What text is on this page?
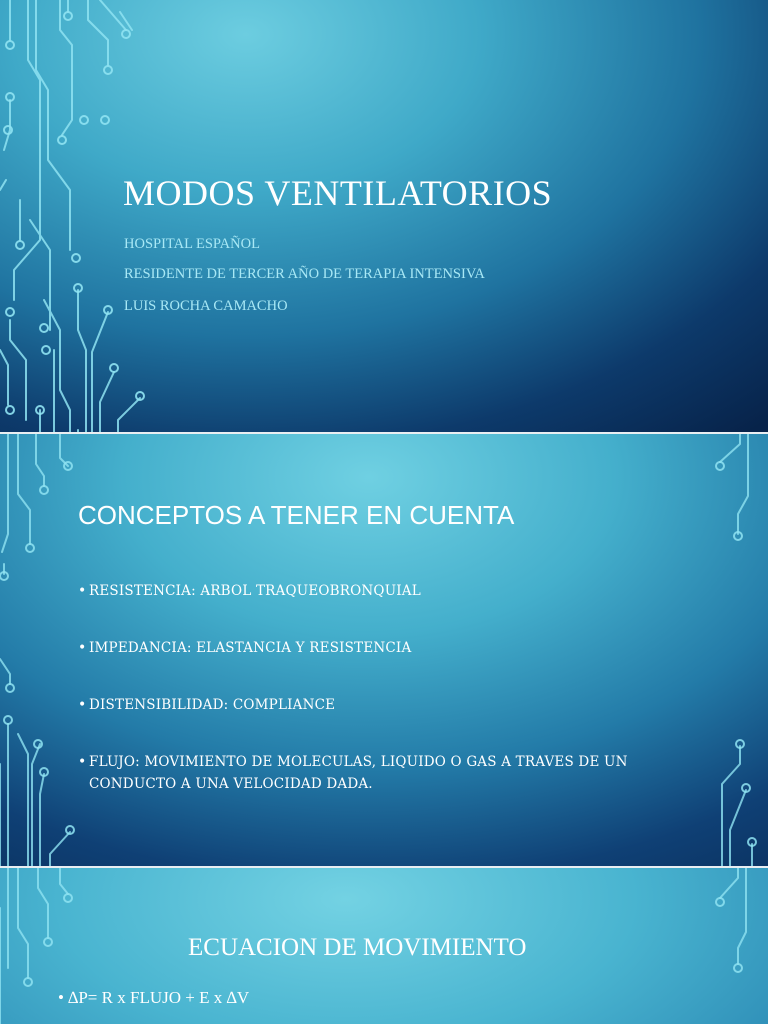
MODOS VENTILATORIOS
HOSPITAL ESPAÑOL
RESIDENTE DE TERCER AÑO DE TERAPIA INTENSIVA
LUIS ROCHA CAMACHO
CONCEPTOS A TENER EN CUENTA
• RESISTENCIA: ARBOL TRAQUEOBRONQUIAL
• IMPEDANCIA: ELASTANCIA Y RESISTENCIA
• DISTENSIBILIDAD: COMPLIANCE
• FLUJO: MOVIMIENTO DE MOLECULAS, LIQUIDO O GAS A TRAVES DE UN CONDUCTO A UNA VELOCIDAD DADA.
ECUACION DE MOVIMIENTO
• ∆P= R x FLUJO + E x ∆V
